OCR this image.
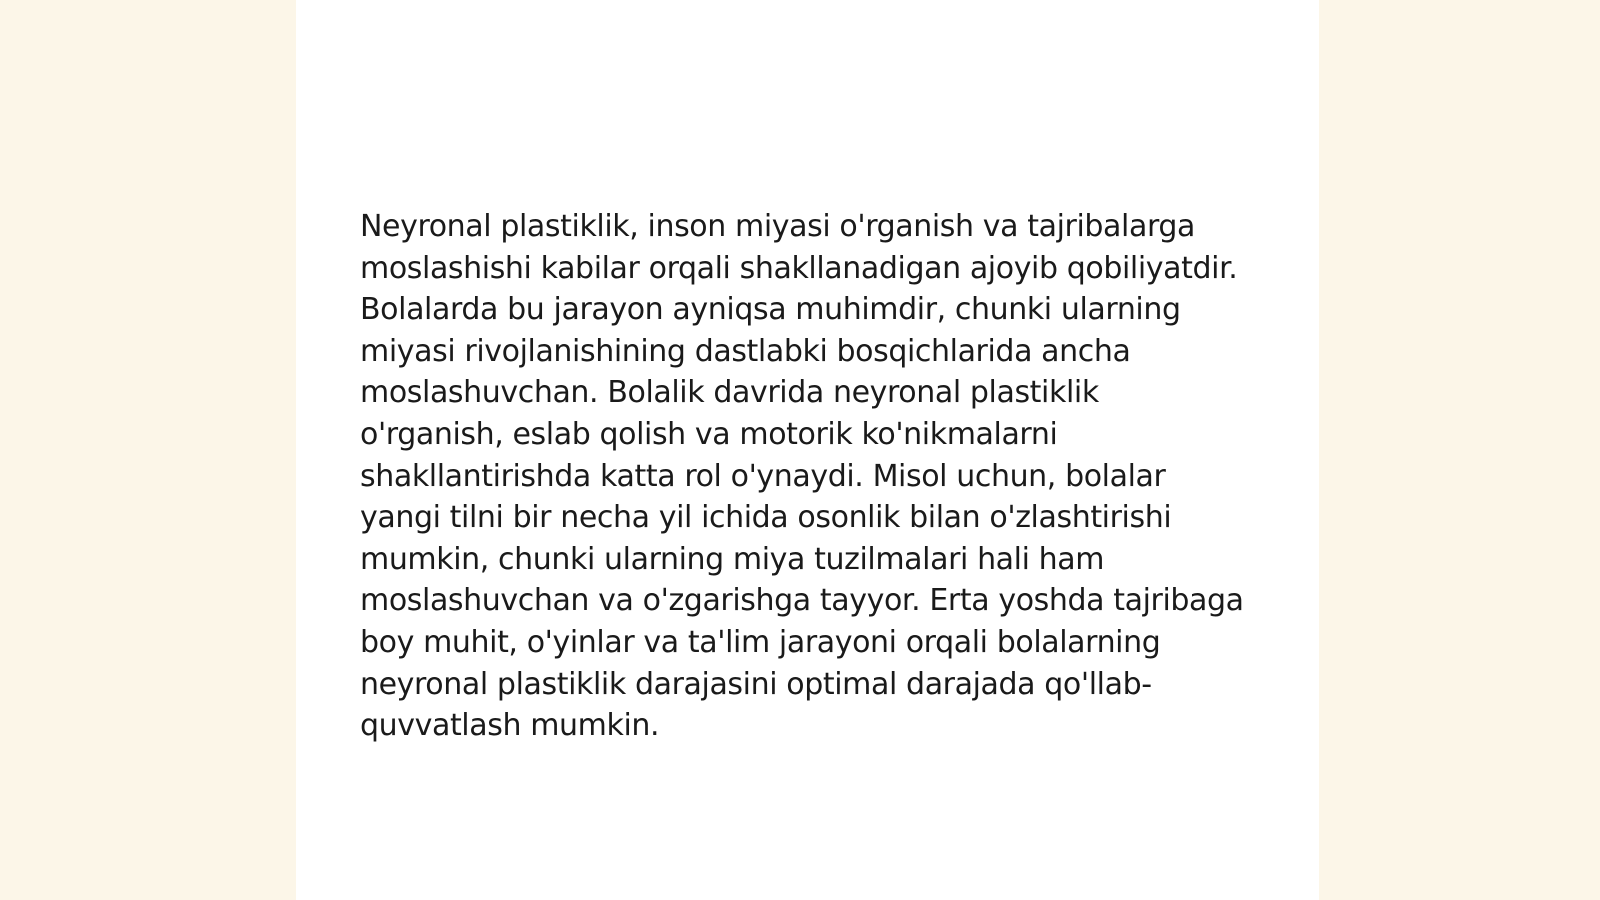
Neyronal plastiklik, inson miyasi o'rganish va tajribalarga moslashishi kabilar orqali shakllanadigan ajoyib qobiliyatdir. Bolalarda bu jarayon ayniqsa muhimdir, chunki ularning miyasi rivojlanishining dastlabki bosqichlarida ancha moslashuvchan. Bolalik davrida neyronal plastiklik o'rganish, eslab qolish va motorik ko'nikmalarni shakllantirishda katta rol o'ynaydi. Misol uchun, bolalar yangi tilni bir necha yil ichida osonlik bilan o'zlashtirishi mumkin, chunki ularning miya tuzilmalari hali ham moslashuvchan va o'zgarishga tayyor. Erta yoshda tajribaga boy muhit, o'yinlar va ta'lim jarayoni orqali bolalarning neyronal plastiklik darajasini optimal darajada qo'llab-quvvatlash mumkin.
